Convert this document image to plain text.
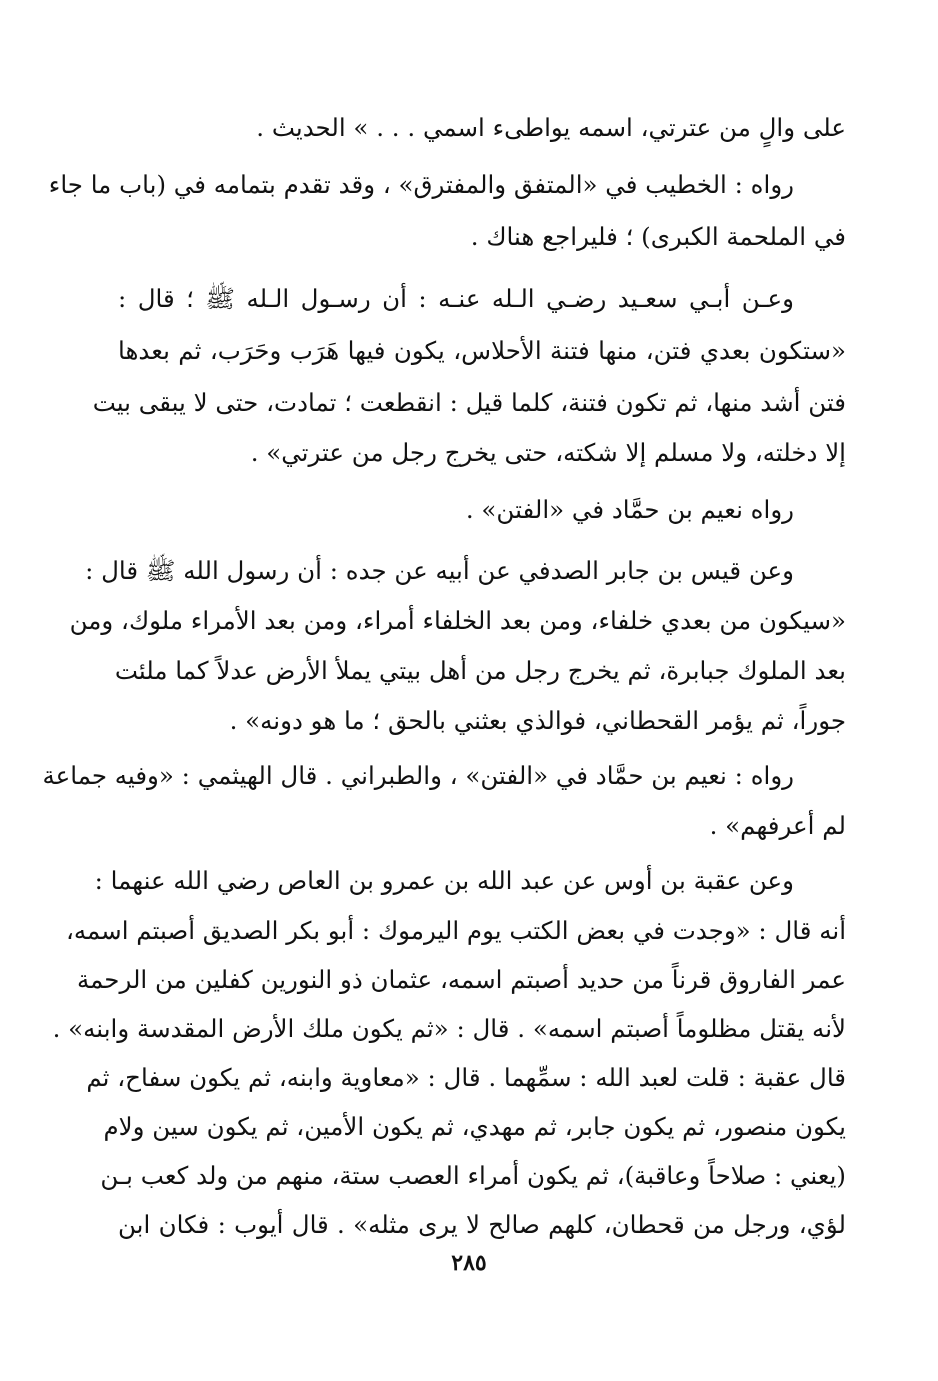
على والٍ من عترتي، اسمه يواطىء اسمي . . . » الحديث .
رواه : الخطيب في «المتفق والمفترق» ، وقد تقدم بتمامه في (باب ما جاء
في الملحمة الكبرى) ؛ فليراجع هناك .
وعـن أبـي سعـيد رضـي الـله عنـه : أن رسـول الـله ﷺ ؛ قال :
«ستكون بعدي فتن، منها فتنة الأحلاس، يكون فيها هَرَب وحَرَب، ثم بعدها
فتن أشد منها، ثم تكون فتنة، كلما قيل : انقطعت ؛ تمادت، حتى لا يبقى بيت
إلا دخلته، ولا مسلم إلا شكته، حتى يخرج رجل من عترتي» .
رواه نعيم بن حمَّاد في «الفتن» .
وعن قيس بن جابر الصدفي عن أبيه عن جده : أن رسول الله ﷺ قال :
«سيكون من بعدي خلفاء، ومن بعد الخلفاء أمراء، ومن بعد الأمراء ملوك، ومن
بعد الملوك جبابرة، ثم يخرج رجل من أهل بيتي يملأ الأرض عدلاً كما ملئت
جوراً، ثم يؤمر القحطاني، فوالذي بعثني بالحق ؛ ما هو دونه» .
رواه : نعيم بن حمَّاد في «الفتن» ، والطبراني . قال الهيثمي : «وفيه جماعة
لم أعرفهم» .
وعن عقبة بن أوس عن عبد الله بن عمرو بن العاص رضي الله عنهما :
أنه قال : «وجدت في بعض الكتب يوم اليرموك : أبو بكر الصديق أصبتم اسمه،
عمر الفاروق قرناً من حديد أصبتم اسمه، عثمان ذو النورين كفلين من الرحمة
لأنه يقتل مظلوماً أصبتم اسمه» . قال : «ثم يكون ملك الأرض المقدسة وابنه» .
قال عقبة : قلت لعبد الله : سمِّهما . قال : «معاوية وابنه، ثم يكون سفاح، ثم
يكون منصور، ثم يكون جابر، ثم مهدي، ثم يكون الأمين، ثم يكون سين ولام
(يعني : صلاحاً وعاقبة)، ثم يكون أمراء العصب ستة، منهم من ولد كعب بـن
لؤي، ورجل من قحطان، كلهم صالح لا يرى مثله» . قال أيوب : فكان ابن
٢٨٥
